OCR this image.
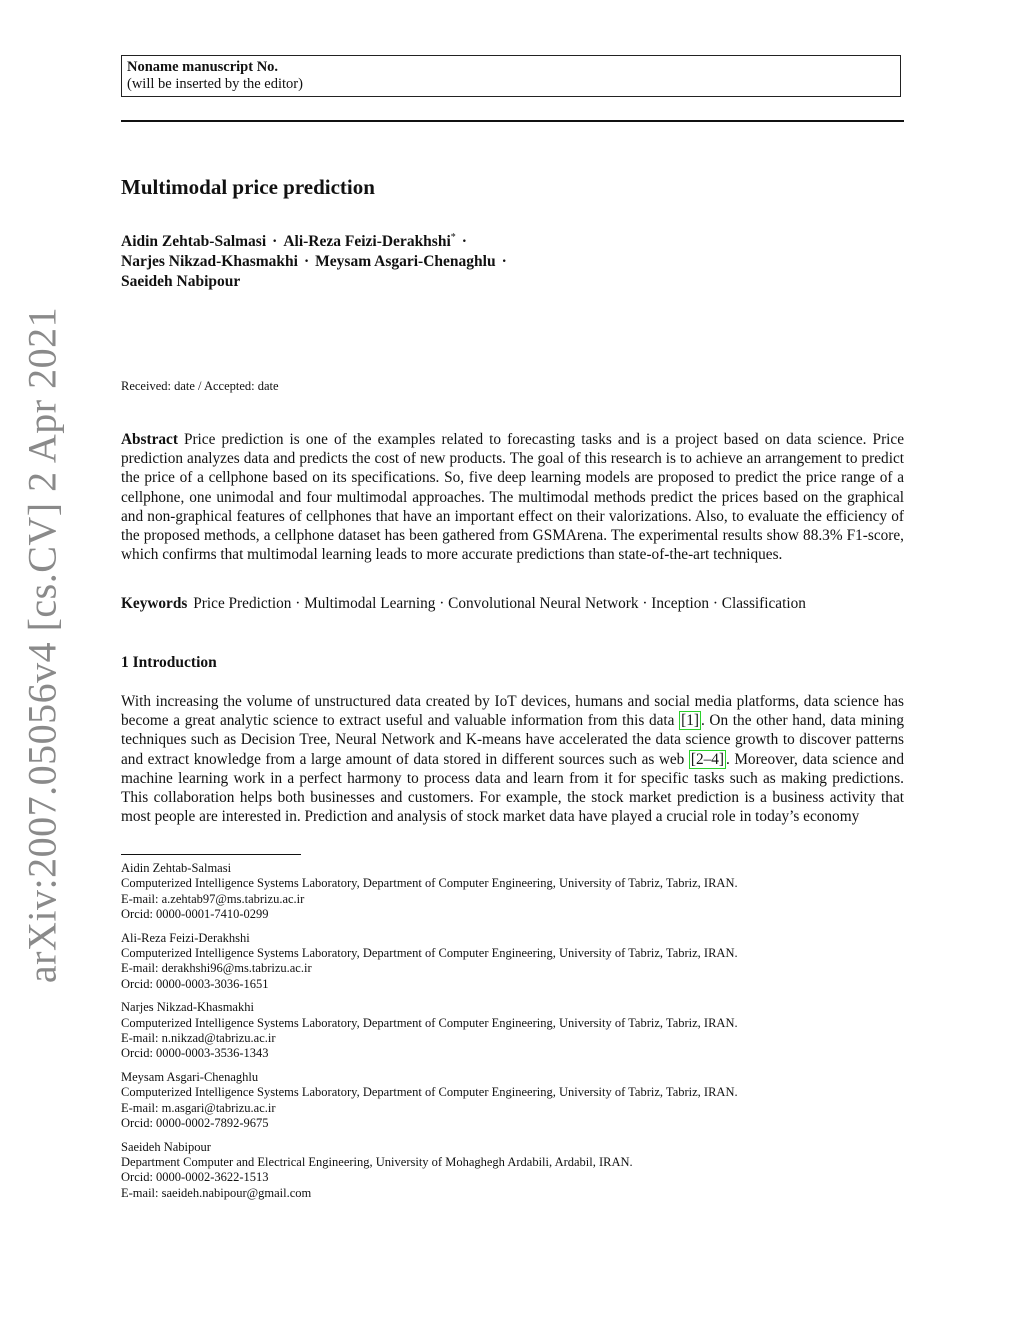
arXiv:2007.05056v4 [cs.CV] 2 Apr 2021
Noname manuscript No.
(will be inserted by the editor)
Multimodal price prediction
Aidin Zehtab-Salmasi · Ali-Reza Feizi-Derakhshi* ·
Narjes Nikzad-Khasmakhi · Meysam Asgari-Chenaghlu ·
Saeideh Nabipour
Received: date / Accepted: date
Abstract Price prediction is one of the examples related to forecasting tasks and is a project based on data science. Price prediction analyzes data and predicts the cost of new products. The goal of this research is to achieve an arrangement to predict the price of a cellphone based on its specifications. So, five deep learning models are proposed to predict the price range of a cellphone, one unimodal and four multimodal approaches. The multimodal methods predict the prices based on the graphical and non-graphical features of cellphones that have an important effect on their valorizations. Also, to evaluate the efficiency of the proposed methods, a cellphone dataset has been gathered from GSMArena. The experimental results show 88.3% F1-score, which confirms that multimodal learning leads to more accurate predictions than state-of-the-art techniques.
Keywords Price Prediction · Multimodal Learning · Convolutional Neural Network · Inception · Classification
1 Introduction
With increasing the volume of unstructured data created by IoT devices, humans and social media platforms, data science has become a great analytic science to extract useful and valuable information from this data [1] . On the other hand, data mining techniques such as Decision Tree, Neural Network and K-means have accelerated the data science growth to discover patterns and extract knowledge from a large amount of data stored in different sources such as web [2–4] . Moreover, data science and machine learning work in a perfect harmony to process data and learn from it for specific tasks such as making predictions. This collaboration helps both businesses and customers. For example, the stock market prediction is a business activity that most people are interested in. Prediction and analysis of stock market data have played a crucial role in today’s economy
Aidin Zehtab-Salmasi
Computerized Intelligence Systems Laboratory, Department of Computer Engineering, University of Tabriz, Tabriz, IRAN.
E-mail: a.zehtab97@ms.tabrizu.ac.ir
Orcid: 0000-0001-7410-0299
Ali-Reza Feizi-Derakhshi
Computerized Intelligence Systems Laboratory, Department of Computer Engineering, University of Tabriz, Tabriz, IRAN.
E-mail: derakhshi96@ms.tabrizu.ac.ir
Orcid: 0000-0003-3036-1651
Narjes Nikzad-Khasmakhi
Computerized Intelligence Systems Laboratory, Department of Computer Engineering, University of Tabriz, Tabriz, IRAN.
E-mail: n.nikzad@tabrizu.ac.ir
Orcid: 0000-0003-3536-1343
Meysam Asgari-Chenaghlu
Computerized Intelligence Systems Laboratory, Department of Computer Engineering, University of Tabriz, Tabriz, IRAN.
E-mail: m.asgari@tabrizu.ac.ir
Orcid: 0000-0002-7892-9675
Saeideh Nabipour
Department Computer and Electrical Engineering, University of Mohaghegh Ardabili, Ardabil, IRAN.
Orcid: 0000-0002-3622-1513
E-mail: saeideh.nabipour@gmail.com
